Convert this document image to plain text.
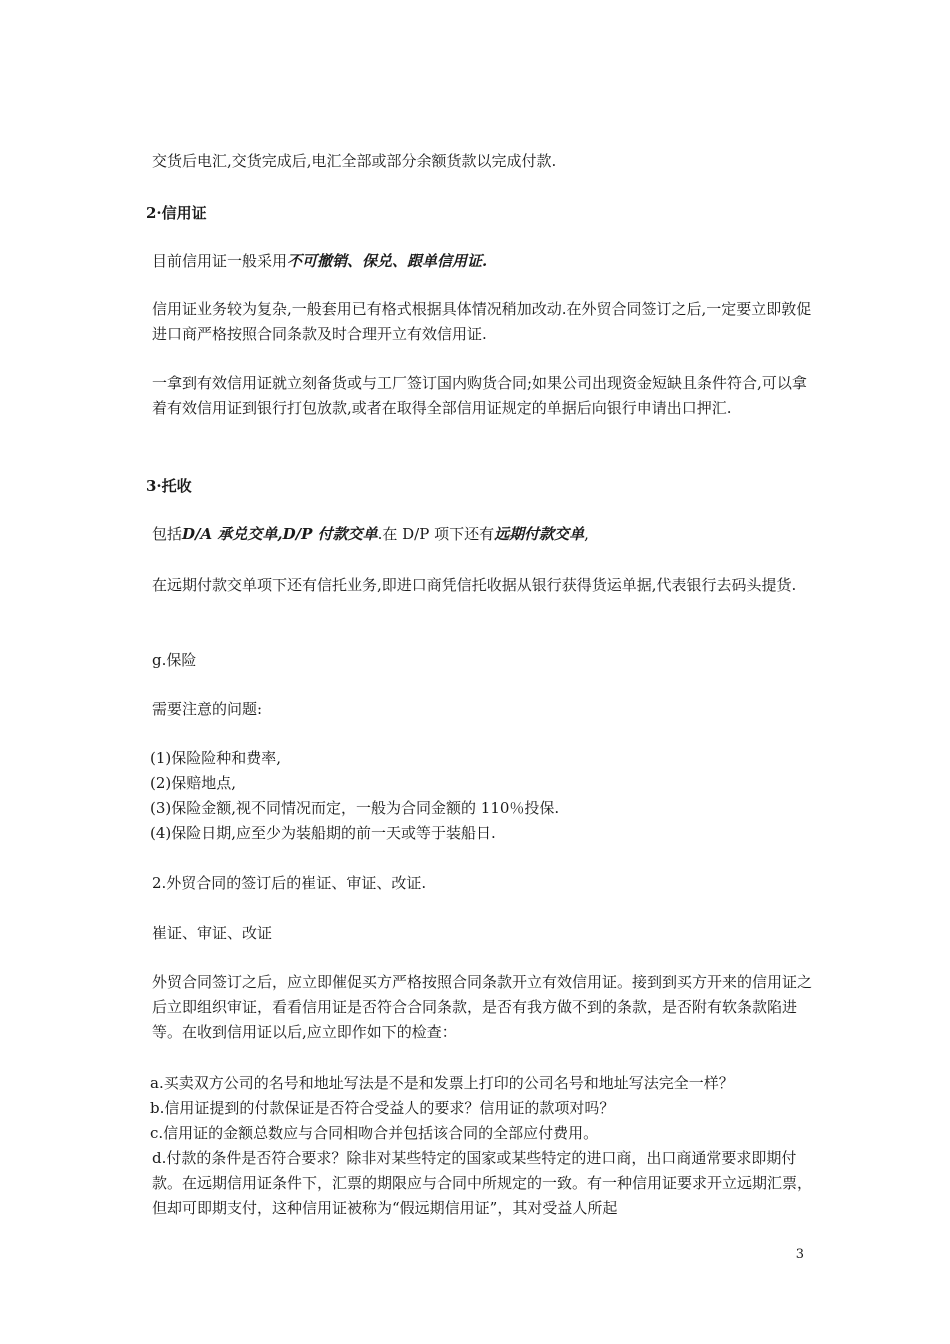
交货后电汇,交货完成后,电汇全部或部分余额货款以完成付款.

2·信用证

目前信用证一般采用不可撤销、保兑、跟单信用证.

信用证业务较为复杂,一般套用已有格式根据具体情况稍加改动.在外贸合同签订之后,一定要立即敦促进口商严格按照合同条款及时合理开立有效信用证.

一拿到有效信用证就立刻备货或与工厂签订国内购货合同;如果公司出现资金短缺且条件符合,可以拿着有效信用证到银行打包放款,或者在取得全部信用证规定的单据后向银行申请出口押汇.

3·托收

包括D/A 承兑交单,D/P 付款交单.在 D/P 项下还有远期付款交单,

在远期付款交单项下还有信托业务,即进口商凭信托收据从银行获得货运单据,代表银行去码头提货.

g.保险

需要注意的问题:

(1)保险险种和费率,
(2)保赔地点,
(3)保险金额,视不同情况而定，一般为合同金额的 110％投保.
(4)保险日期,应至少为装船期的前一天或等于装船日.

2.外贸合同的签订后的崔证、审证、改证.

崔证、审证、改证

外贸合同签订之后，应立即催促买方严格按照合同条款开立有效信用证。接到到买方开来的信用证之后立即组织审证，看看信用证是否符合合同条款，是否有我方做不到的条款，是否附有软条款陷进等。在收到信用证以后,应立即作如下的检查：

a.买卖双方公司的名号和地址写法是不是和发票上打印的公司名号和地址写法完全一样？
b.信用证提到的付款保证是否符合受益人的要求？信用证的款项对吗？
c.信用证的金额总数应与合同相吻合并包括该合同的全部应付费用。
d.付款的条件是否符合要求？除非对某些特定的国家或某些特定的进口商，出口商通常要求即期付款。在远期信用证条件下，汇票的期限应与合同中所规定的一致。有一种信用证要求开立远期汇票，但却可即期支付，这种信用证被称为“假远期信用证”，其对受益人所起
3
